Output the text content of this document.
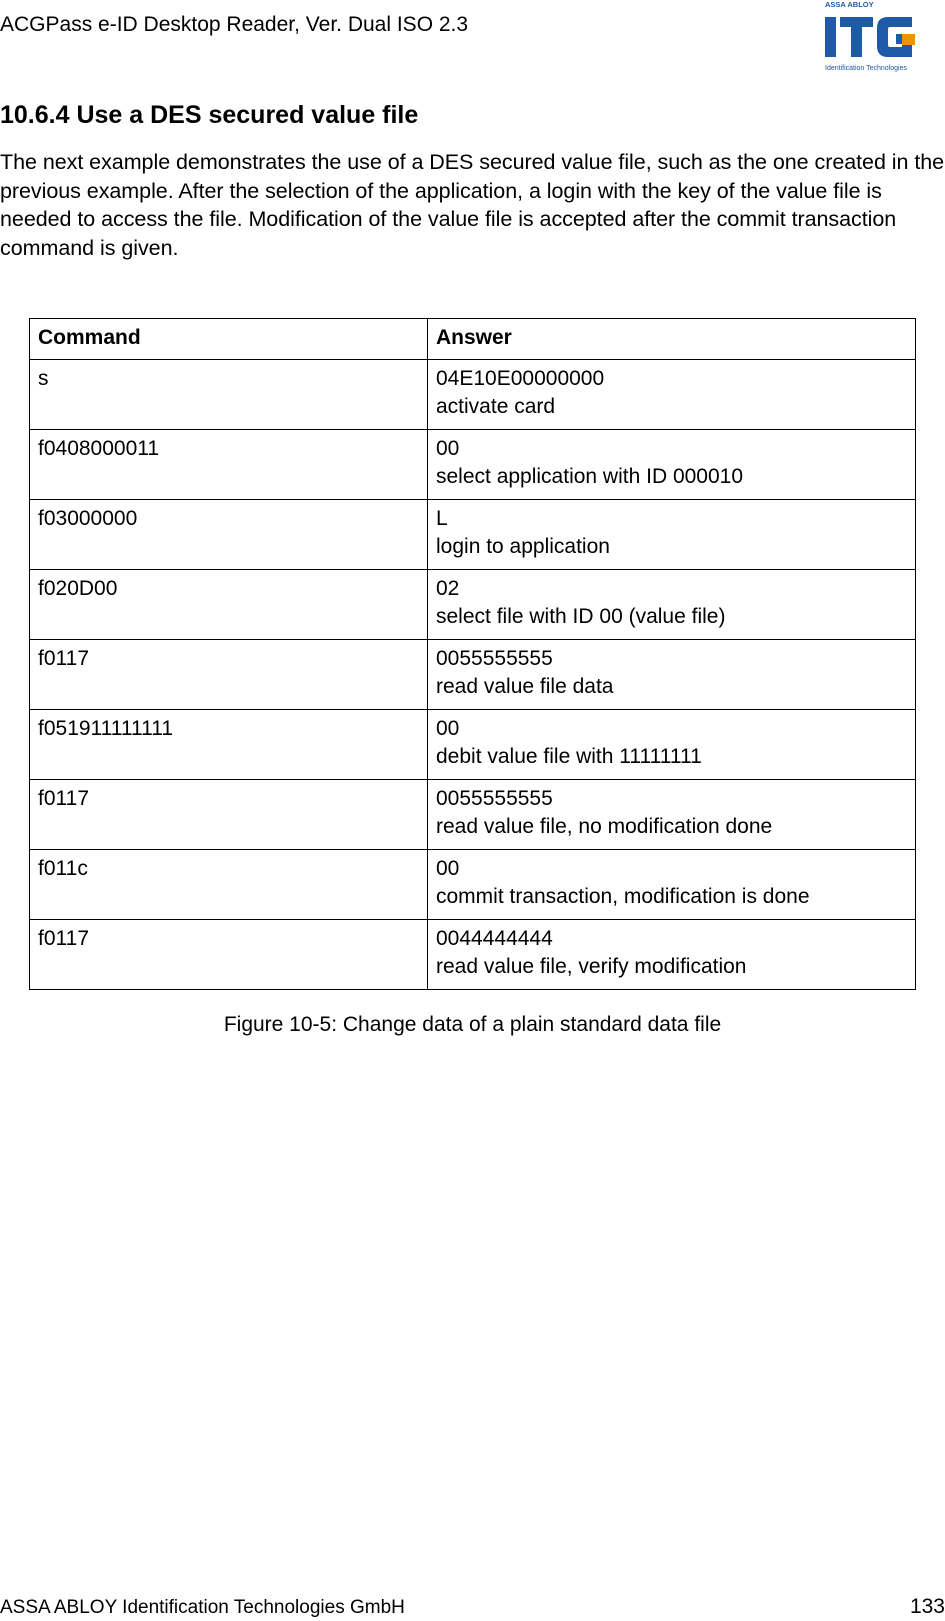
ACGPass e-ID Desktop Reader, Ver. Dual ISO 2.3
ASSA ABLOY
Identification Technologies
10.6.4 Use a DES secured value file

The next example demonstrates the use of a DES secured value file, such as the one created in the previous example. After the selection of the application, a login with the key of the value file is needed to access the file. Modification of the value file is accepted after the commit transaction command is given.

Command	Answer
s	04E10E00000000
activate card

f0408000011	00
select application with ID 000010

f03000000	L
login to application

f020D00	02
select file with ID 00 (value file)

f0117	0055555555
read value file data

f051911111111	00
debit value file with 11111111

f0117	0055555555
read value file, no modification done

f011c	00
commit transaction, modification is done

f0117	0044444444
read value file, verify modification

Figure 10-5: Change data of a plain standard data file

ASSA ABLOY Identification Technologies GmbH	133
